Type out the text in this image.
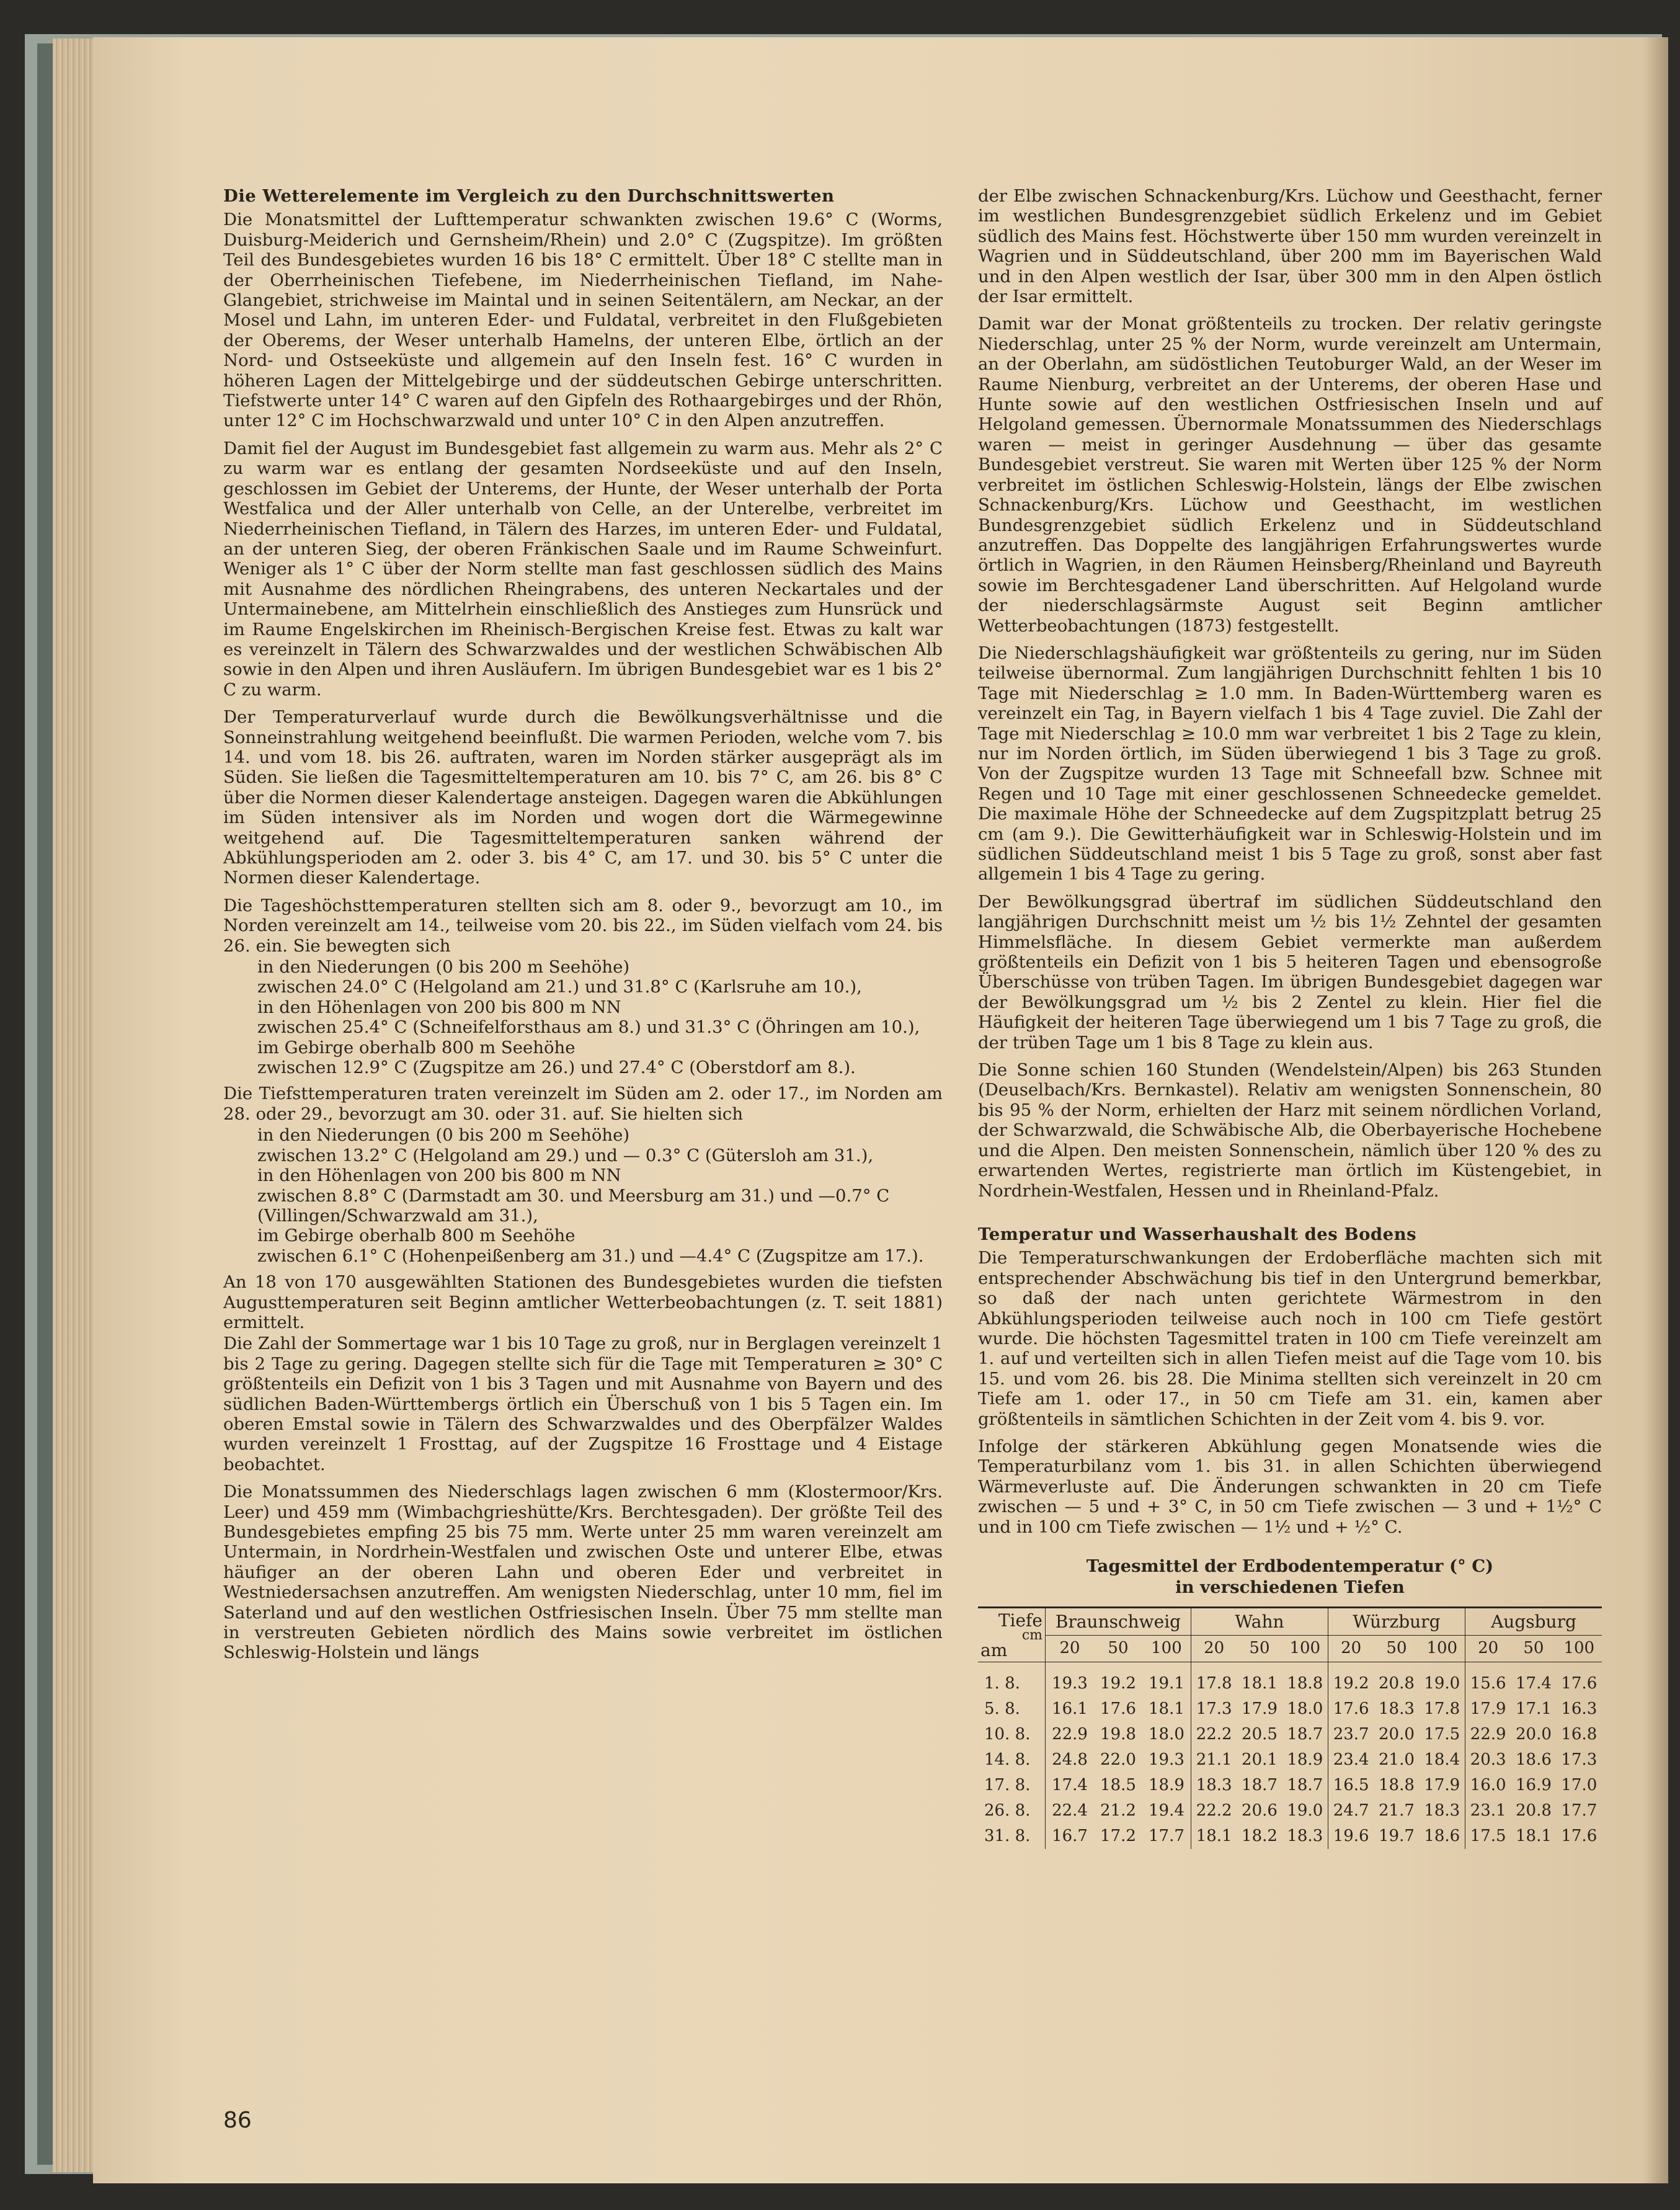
Die Wetterelemente im Vergleich zu den Durchschnittswerten

Die Monatsmittel der Lufttemperatur schwankten zwischen 19.6° C (Worms, Duisburg-Meiderich und Gernsheim/Rhein) und 2.0° C (Zugspitze). Im größten Teil des Bundesgebietes wurden 16 bis 18° C ermittelt. Über 18° C stellte man in der Oberrheinischen Tiefebene, im Niederrheinischen Tiefland, im Nahe-Glangebiet, strichweise im Maintal und in seinen Seitentälern, am Neckar, an der Mosel und Lahn, im unteren Eder- und Fuldatal, verbreitet in den Flußgebieten der Oberems, der Weser unterhalb Hamelns, der unteren Elbe, örtlich an der Nord- und Ostseeküste und allgemein auf den Inseln fest. 16° C wurden in höheren Lagen der Mittelgebirge und der süddeutschen Gebirge unterschritten. Tiefstwerte unter 14° C waren auf den Gipfeln des Rothaargebirges und der Rhön, unter 12° C im Hochschwarzwald und unter 10° C in den Alpen anzutreffen.

Damit fiel der August im Bundesgebiet fast allgemein zu warm aus. Mehr als 2° C zu warm war es entlang der gesamten Nordseeküste und auf den Inseln, geschlossen im Gebiet der Unterems, der Hunte, der Weser unterhalb der Porta Westfalica und der Aller unterhalb von Celle, an der Unterelbe, verbreitet im Niederrheinischen Tiefland, in Tälern des Harzes, im unteren Eder- und Fuldatal, an der unteren Sieg, der oberen Fränkischen Saale und im Raume Schweinfurt. Weniger als 1° C über der Norm stellte man fast geschlossen südlich des Mains mit Ausnahme des nördlichen Rheingrabens, des unteren Neckartales und der Untermainebene, am Mittelrhein einschließlich des Anstieges zum Hunsrück und im Raume Engelskirchen im Rheinisch-Bergischen Kreise fest. Etwas zu kalt war es vereinzelt in Tälern des Schwarzwaldes und der westlichen Schwäbischen Alb sowie in den Alpen und ihren Ausläufern. Im übrigen Bundesgebiet war es 1 bis 2° C zu warm.

Der Temperaturverlauf wurde durch die Bewölkungsverhältnisse und die Sonneinstrahlung weitgehend beeinflußt. Die warmen Perioden, welche vom 7. bis 14. und vom 18. bis 26. auftraten, waren im Norden stärker ausgeprägt als im Süden. Sie ließen die Tagesmitteltemperaturen am 10. bis 7° C, am 26. bis 8° C über die Normen dieser Kalendertage ansteigen. Dagegen waren die Abkühlungen im Süden intensiver als im Norden und wogen dort die Wärmegewinne weitgehend auf. Die Tagesmitteltemperaturen sanken während der Abkühlungsperioden am 2. oder 3. bis 4° C, am 17. und 30. bis 5° C unter die Normen dieser Kalendertage.

Die Tageshöchsttemperaturen stellten sich am 8. oder 9., bevorzugt am 10., im Norden vereinzelt am 14., teilweise vom 20. bis 22., im Süden vielfach vom 24. bis 26. ein. Sie bewegten sich

in den Niederungen (0 bis 200 m Seehöhe)

zwischen 24.0° C (Helgoland am 21.) und 31.8° C (Karlsruhe am 10.),

in den Höhenlagen von 200 bis 800 m NN

zwischen 25.4° C (Schneifelforsthaus am 8.) und 31.3° C (Öhringen am 10.),

im Gebirge oberhalb 800 m Seehöhe

zwischen 12.9° C (Zugspitze am 26.) und 27.4° C (Oberstdorf am 8.).

Die Tiefsttemperaturen traten vereinzelt im Süden am 2. oder 17., im Norden am 28. oder 29., bevorzugt am 30. oder 31. auf. Sie hielten sich

in den Niederungen (0 bis 200 m Seehöhe)

zwischen 13.2° C (Helgoland am 29.) und — 0.3° C (Gütersloh am 31.),

in den Höhenlagen von 200 bis 800 m NN

zwischen 8.8° C (Darmstadt am 30. und Meersburg am 31.) und —0.7° C (Villingen/Schwarzwald am 31.),

im Gebirge oberhalb 800 m Seehöhe

zwischen 6.1° C (Hohenpeißenberg am 31.) und —4.4° C (Zugspitze am 17.).

An 18 von 170 ausgewählten Stationen des Bundesgebietes wurden die tiefsten Augusttemperaturen seit Beginn amtlicher Wetterbeobachtungen (z. T. seit 1881) ermittelt.

Die Zahl der Sommertage war 1 bis 10 Tage zu groß, nur in Berglagen vereinzelt 1 bis 2 Tage zu gering. Dagegen stellte sich für die Tage mit Temperaturen ≥ 30° C größtenteils ein Defizit von 1 bis 3 Tagen und mit Ausnahme von Bayern und des südlichen Baden-Württembergs örtlich ein Überschuß von 1 bis 5 Tagen ein. Im oberen Emstal sowie in Tälern des Schwarzwaldes und des Oberpfälzer Waldes wurden vereinzelt 1 Frosttag, auf der Zugspitze 16 Frosttage und 4 Eistage beobachtet.

Die Monatssummen des Niederschlags lagen zwischen 6 mm (Klostermoor/Krs. Leer) und 459 mm (Wimbachgrieshütte/Krs. Berchtesgaden). Der größte Teil des Bundesgebietes empfing 25 bis 75 mm. Werte unter 25 mm waren vereinzelt am Untermain, in Nordrhein-Westfalen und zwischen Oste und unterer Elbe, etwas häufiger an der oberen Lahn und oberen Eder und verbreitet in Westniedersachsen anzutreffen. Am wenigsten Niederschlag, unter 10 mm, fiel im Saterland und auf den westlichen Ostfriesischen Inseln. Über 75 mm stellte man in verstreuten Gebieten nördlich des Mains sowie verbreitet im östlichen Schleswig-Holstein und längs

der Elbe zwischen Schnackenburg/Krs. Lüchow und Geesthacht, ferner im westlichen Bundesgrenzgebiet südlich Erkelenz und im Gebiet südlich des Mains fest. Höchstwerte über 150 mm wurden vereinzelt in Wagrien und in Süddeutschland, über 200 mm im Bayerischen Wald und in den Alpen westlich der Isar, über 300 mm in den Alpen östlich der Isar ermittelt.

Damit war der Monat größtenteils zu trocken. Der relativ geringste Niederschlag, unter 25 % der Norm, wurde vereinzelt am Untermain, an der Oberlahn, am südöstlichen Teutoburger Wald, an der Weser im Raume Nienburg, verbreitet an der Unterems, der oberen Hase und Hunte sowie auf den westlichen Ostfriesischen Inseln und auf Helgoland gemessen. Übernormale Monatssummen des Niederschlags waren — meist in geringer Ausdehnung — über das gesamte Bundesgebiet verstreut. Sie waren mit Werten über 125 % der Norm verbreitet im östlichen Schleswig-Holstein, längs der Elbe zwischen Schnackenburg/Krs. Lüchow und Geesthacht, im westlichen Bundesgrenzgebiet südlich Erkelenz und in Süddeutschland anzutreffen. Das Doppelte des langjährigen Erfahrungswertes wurde örtlich in Wagrien, in den Räumen Heinsberg/Rheinland und Bayreuth sowie im Berchtesgadener Land überschritten. Auf Helgoland wurde der niederschlagsärmste August seit Beginn amtlicher Wetterbeobachtungen (1873) festgestellt.

Die Niederschlagshäufigkeit war größtenteils zu gering, nur im Süden teilweise übernormal. Zum langjährigen Durchschnitt fehlten 1 bis 10 Tage mit Niederschlag ≥ 1.0 mm. In Baden-Württemberg waren es vereinzelt ein Tag, in Bayern vielfach 1 bis 4 Tage zuviel. Die Zahl der Tage mit Niederschlag ≥ 10.0 mm war verbreitet 1 bis 2 Tage zu klein, nur im Norden örtlich, im Süden überwiegend 1 bis 3 Tage zu groß. Von der Zugspitze wurden 13 Tage mit Schneefall bzw. Schnee mit Regen und 10 Tage mit einer geschlossenen Schneedecke gemeldet. Die maximale Höhe der Schneedecke auf dem Zugspitzplatt betrug 25 cm (am 9.). Die Gewitterhäufigkeit war in Schleswig-Holstein und im südlichen Süddeutschland meist 1 bis 5 Tage zu groß, sonst aber fast allgemein 1 bis 4 Tage zu gering.

Der Bewölkungsgrad übertraf im südlichen Süddeutschland den langjährigen Durchschnitt meist um ½ bis 1½ Zehntel der gesamten Himmelsfläche. In diesem Gebiet vermerkte man außerdem größtenteils ein Defizit von 1 bis 5 heiteren Tagen und ebensogroße Überschüsse von trüben Tagen. Im übrigen Bundesgebiet dagegen war der Bewölkungsgrad um ½ bis 2 Zentel zu klein. Hier fiel die Häufigkeit der heiteren Tage überwiegend um 1 bis 7 Tage zu groß, die der trüben Tage um 1 bis 8 Tage zu klein aus.

Die Sonne schien 160 Stunden (Wendelstein/Alpen) bis 263 Stunden (Deuselbach/Krs. Bernkastel). Relativ am wenigsten Sonnenschein, 80 bis 95 % der Norm, erhielten der Harz mit seinem nördlichen Vorland, der Schwarzwald, die Schwäbische Alb, die Oberbayerische Hochebene und die Alpen. Den meisten Sonnenschein, nämlich über 120 % des zu erwartenden Wertes, registrierte man örtlich im Küstengebiet, in Nordrhein-Westfalen, Hessen und in Rheinland-Pfalz.

Temperatur und Wasserhaushalt des Bodens

Die Temperaturschwankungen der Erdoberfläche machten sich mit entsprechender Abschwächung bis tief in den Untergrund bemerkbar, so daß der nach unten gerichtete Wärmestrom in den Abkühlungsperioden teilweise auch noch in 100 cm Tiefe gestört wurde. Die höchsten Tagesmittel traten in 100 cm Tiefe vereinzelt am 1. auf und verteilten sich in allen Tiefen meist auf die Tage vom 10. bis 15. und vom 26. bis 28. Die Minima stellten sich vereinzelt in 20 cm Tiefe am 1. oder 17., in 50 cm Tiefe am 31. ein, kamen aber größtenteils in sämtlichen Schichten in der Zeit vom 4. bis 9. vor.

Infolge der stärkeren Abkühlung gegen Monatsende wies die Temperaturbilanz vom 1. bis 31. in allen Schichten überwiegend Wärmeverluste auf. Die Änderungen schwankten in 20 cm Tiefe zwischen — 5 und + 3° C, in 50 cm Tiefe zwischen — 3 und + 1½° C und in 100 cm Tiefe zwischen — 1½ und + ½° C.

Tagesmittel der Erdbodentemperatur (° C)
in verschiedenen Tiefen
Tiefe
cm
am	Braunschweig			Wahn			Würzburg			Augsburg		
	20	50	100	20	50	100	20	50	100	20	50	100
1. 8.	19.3	19.2	19.1	17.8	18.1	18.8	19.2	20.8	19.0	15.6	17.4	17.6
5. 8.	16.1	17.6	18.1	17.3	17.9	18.0	17.6	18.3	17.8	17.9	17.1	16.3
10. 8.	22.9	19.8	18.0	22.2	20.5	18.7	23.7	20.0	17.5	22.9	20.0	16.8
14. 8.	24.8	22.0	19.3	21.1	20.1	18.9	23.4	21.0	18.4	20.3	18.6	17.3
17. 8.	17.4	18.5	18.9	18.3	18.7	18.7	16.5	18.8	17.9	16.0	16.9	17.0
26. 8.	22.4	21.2	19.4	22.2	20.6	19.0	24.7	21.7	18.3	23.1	20.8	17.7
31. 8.	16.7	17.2	17.7	18.1	18.2	18.3	19.6	19.7	18.6	17.5	18.1	17.6
86
